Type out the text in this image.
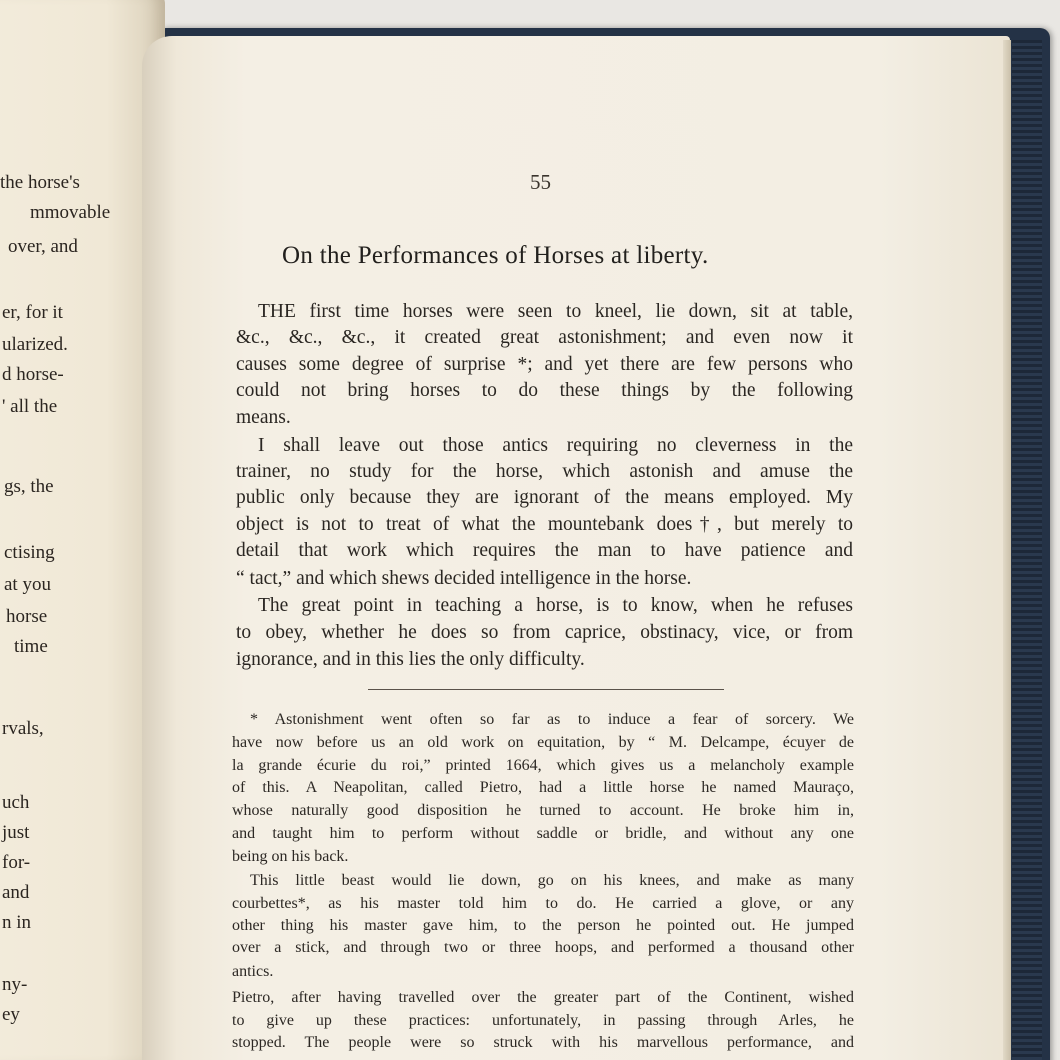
the horse's

mmovable

over, and

er, for it

ularized.

d horse-

' all the

gs, the

ctising

at you

horse

time

rvals,

uch

just

for-

and

n in

ny-

ey

55
On the Performances of Horses at liberty.

THE first time horses were seen to kneel, lie down, sit at table,

&c., &c., &c., it created great astonishment; and even now it

causes some degree of surprise *; and yet there are few persons who

could not bring horses to do these things by the following

means.

I shall leave out those antics requiring no cleverness in the

trainer, no study for the horse, which astonish and amuse the

public only because they are ignorant of the means employed. My

object is not to treat of what the mountebank does†, but merely to

detail that work which requires the man to have patience and

“ tact,” and which shews decided intelligence in the horse.

The great point in teaching a horse, is to know, when he refuses

to obey, whether he does so from caprice, obstinacy, vice, or from

ignorance, and in this lies the only difficulty.

* Astonishment went often so far as to induce a fear of sorcery. We

have now before us an old work on equitation, by “ M. Delcampe, écuyer de

la grande écurie du roi,” printed 1664, which gives us a melancholy example

of this. A Neapolitan, called Pietro, had a little horse he named Mauraço,

whose naturally good disposition he turned to account. He broke him in,

and taught him to perform without saddle or bridle, and without any one

being on his back.

This little beast would lie down, go on his knees, and make as many

courbettes*, as his master told him to do. He carried a glove, or any

other thing his master gave him, to the person he pointed out. He jumped

over a stick, and through two or three hoops, and performed a thousand other

antics.

Pietro, after having travelled over the greater part of the Continent, wished

to give up these practices: unfortunately, in passing through Arles, he

stopped. The people were so struck with his marvellous performance, and
